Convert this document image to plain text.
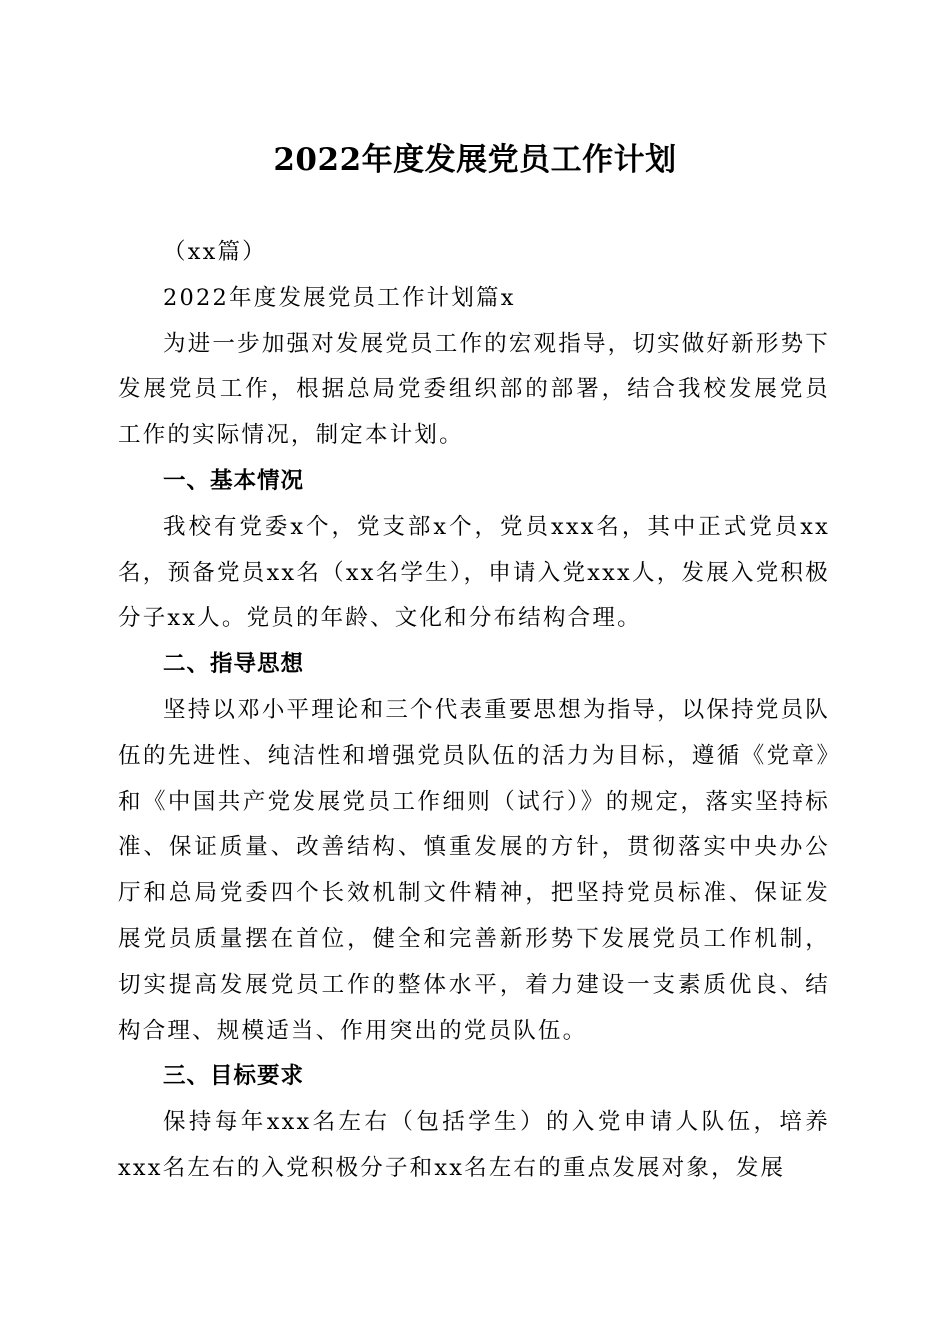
2022年度发展党员工作计划

（xx篇）

2022年度发展党员工作计划篇x

为进一步加强对发展党员工作的宏观指导，切实做好新形势下发展党员工作，根据总局党委组织部的部署，结合我校发展党员工作的实际情况，制定本计划。

一、基本情况

我校有党委x个，党支部x个，党员xxx名，其中正式党员xx名，预备党员xx名（xx名学生），申请入党xxx人，发展入党积极分子xx人。党员的年龄、文化和分布结构合理。

二、指导思想

坚持以邓小平理论和三个代表重要思想为指导，以保持党员队伍的先进性、纯洁性和增强党员队伍的活力为目标，遵循《党章》和《中国共产党发展党员工作细则（试行）》的规定，落实坚持标准、保证质量、改善结构、慎重发展的方针，贯彻落实中央办公厅和总局党委四个长效机制文件精神，把坚持党员标准、保证发展党员质量摆在首位，健全和完善新形势下发展党员工作机制，切实提高发展党员工作的整体水平，着力建设一支素质优良、结构合理、规模适当、作用突出的党员队伍。

三、目标要求

保持每年xxx名左右（包括学生）的入党申请人队伍，培养xxx名左右的入党积极分子和xx名左右的重点发展对象，发展
